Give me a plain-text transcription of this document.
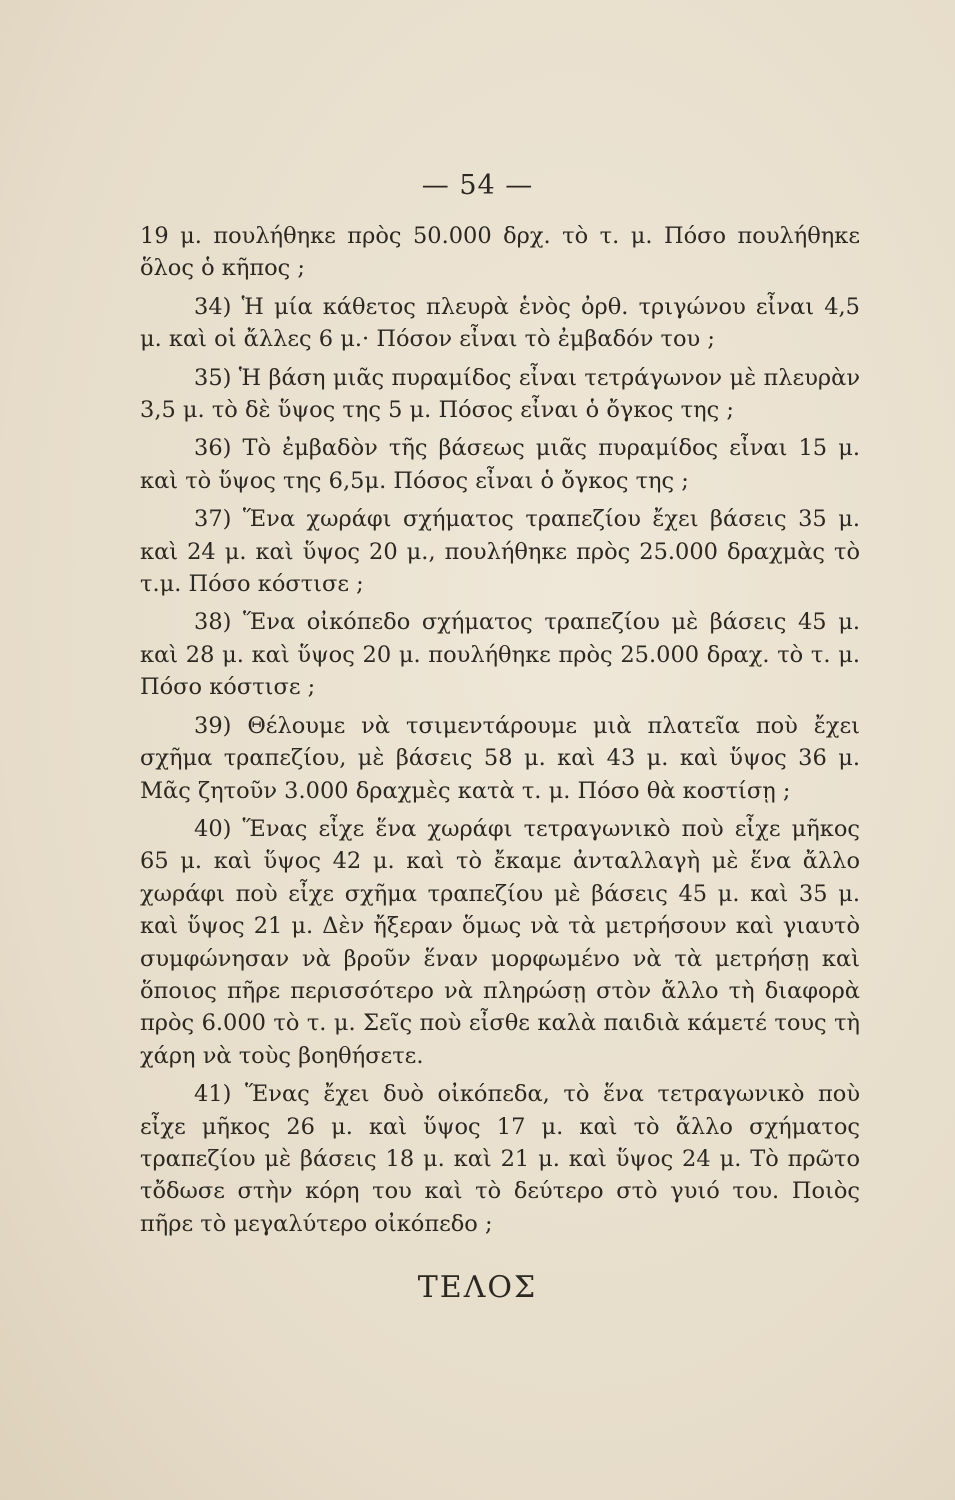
— 54 —

19 μ. πουλήθηκε πρὸς 50.000 δρχ. τὸ τ. μ. Πόσο πουλήθηκε ὅλος ὁ κῆπος ;

34) Ἡ μία κάθετος πλευρὰ ἑνὸς ὀρθ. τριγώνου εἶναι 4,5 μ. καὶ οἱ ἄλλες 6 μ.· Πόσον εἶναι τὸ ἐμβαδόν του ;

35) Ἡ βάση μιᾶς πυραμίδος εἶναι τετράγωνον μὲ πλευρὰν 3,5 μ. τὸ δὲ ὕψος της 5 μ. Πόσος εἶναι ὁ ὄγκος της ;

36) Τὸ ἐμβαδὸν τῆς βάσεως μιᾶς πυραμίδος εἶναι 15 μ. καὶ τὸ ὕψος της 6,5μ. Πόσος εἶναι ὁ ὄγκος της ;

37) Ἕνα χωράφι σχήματος τραπεζίου ἔχει βάσεις 35 μ. καὶ 24 μ. καὶ ὕψος 20 μ., πουλήθηκε πρὸς 25.000 δραχμὰς τὸ τ.μ. Πόσο κόστισε ;

38) Ἕνα οἰκόπεδο σχήματος τραπεζίου μὲ βάσεις 45 μ. καὶ 28 μ. καὶ ὕψος 20 μ. πουλήθηκε πρὸς 25.000 δραχ. τὸ τ. μ. Πόσο κόστισε ;

39) Θέλουμε νὰ τσιμεντάρουμε μιὰ πλατεῖα ποὺ ἔχει σχῆμα τραπεζίου, μὲ βάσεις 58 μ. καὶ 43 μ. καὶ ὕψος 36 μ. Μᾶς ζητοῦν 3.000 δραχμὲς κατὰ τ. μ. Πόσο θὰ κοστίσῃ ;

40) Ἕνας εἶχε ἕνα χωράφι τετραγωνικὸ ποὺ εἶχε μῆκος 65 μ. καὶ ὕψος 42 μ. καὶ τὸ ἔκαμε ἀνταλλαγὴ μὲ ἕνα ἄλλο χωράφι ποὺ εἶχε σχῆμα τραπεζίου μὲ βάσεις 45 μ. καὶ 35 μ. καὶ ὕψος 21 μ. Δὲν ἤξεραν ὅμως νὰ τὰ μετρήσουν καὶ γιαυτὸ συμφώνησαν νὰ βροῦν ἕναν μορφωμένο νὰ τὰ μετρήσῃ καὶ ὅποιος πῆρε περισσότερο νὰ πληρώσῃ στὸν ἄλλο τὴ διαφορὰ πρὸς 6.000 τὸ τ. μ. Σεῖς ποὺ εἶσθε καλὰ παιδιὰ κάμετέ τους τὴ χάρη νὰ τοὺς βοηθήσετε.

41) Ἕνας ἔχει δυὸ οἰκόπεδα, τὸ ἕνα τετραγωνικὸ ποὺ εἶχε μῆκος 26 μ. καὶ ὕψος 17 μ. καὶ τὸ ἄλλο σχήματος τραπεζίου μὲ βάσεις 18 μ. καὶ 21 μ. καὶ ὕψος 24 μ. Τὸ πρῶτο τὄδωσε στὴν κόρη του καὶ τὸ δεύτερο στὸ γυιό του. Ποιὸς πῆρε τὸ μεγαλύτερο οἰκόπεδο ;

ΤΕΛΟΣ
